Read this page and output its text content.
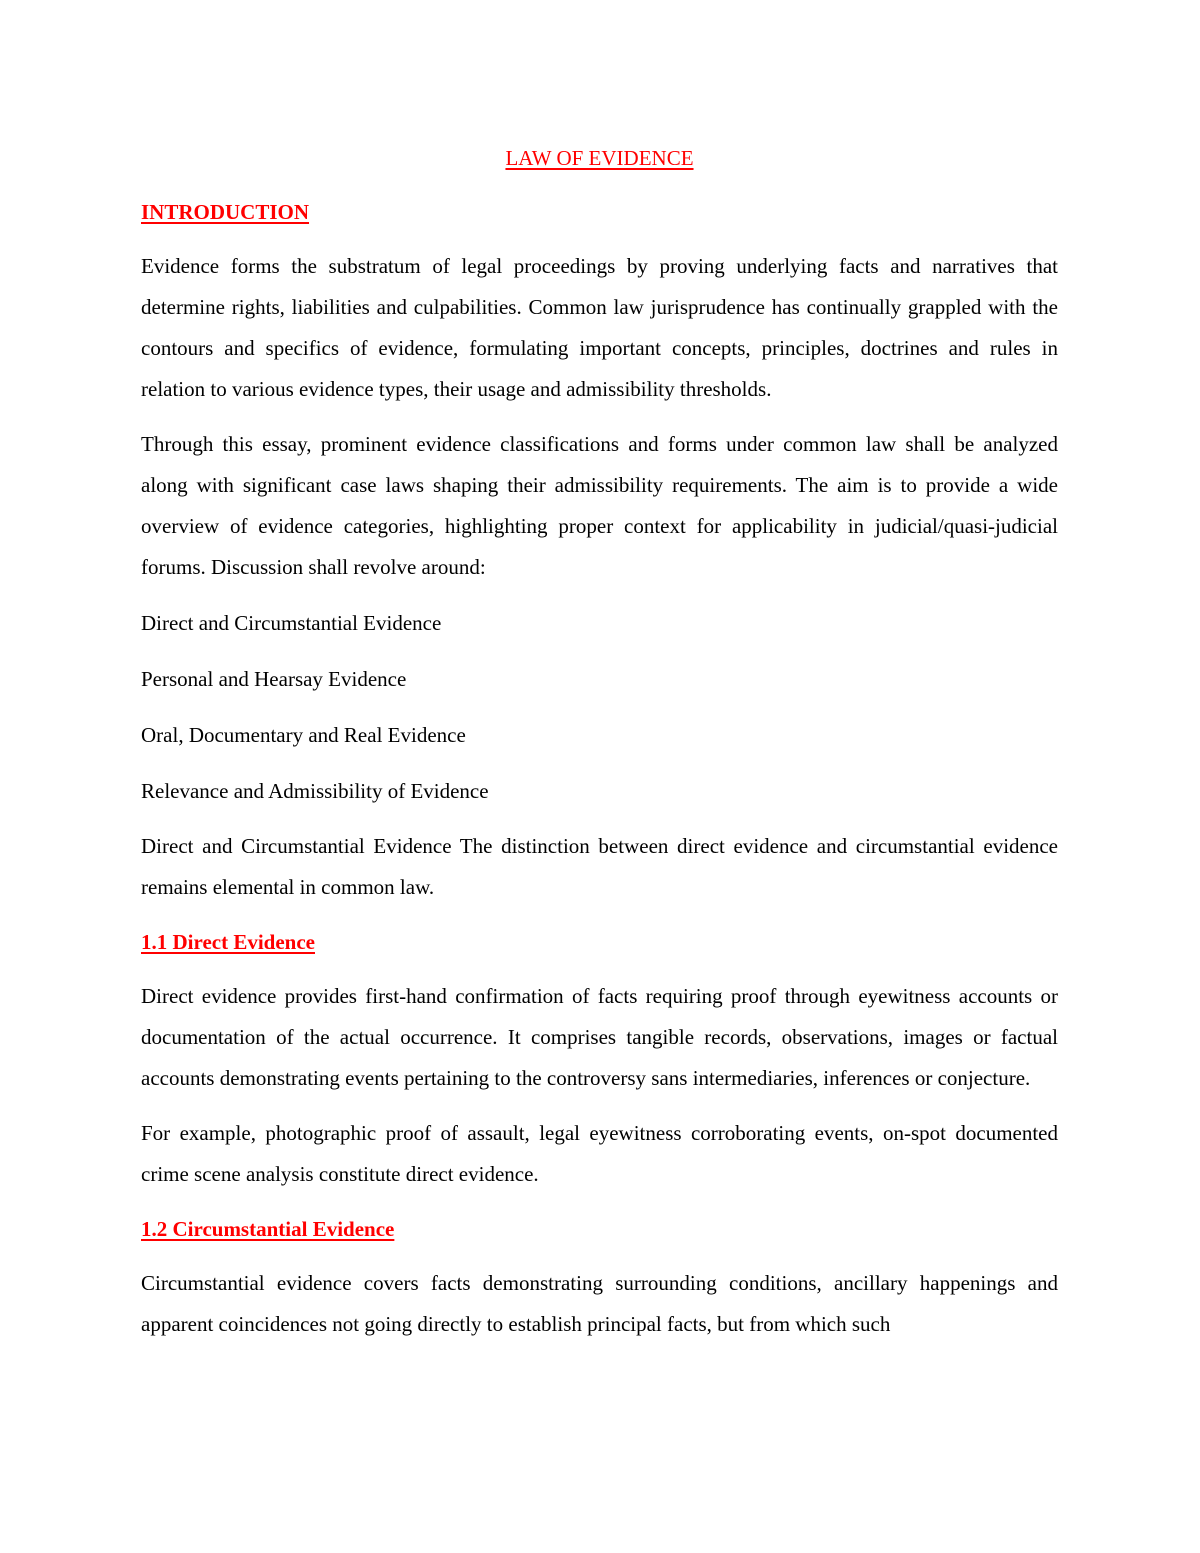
LAW OF EVIDENCE
INTRODUCTION

Evidence forms the substratum of legal proceedings by proving underlying facts and narratives that determine rights, liabilities and culpabilities. Common law jurisprudence has continually grappled with the contours and specifics of evidence, formulating important concepts, principles, doctrines and rules in relation to various evidence types, their usage and admissibility thresholds.

Through this essay, prominent evidence classifications and forms under common law shall be analyzed along with significant case laws shaping their admissibility requirements. The aim is to provide a wide overview of evidence categories, highlighting proper context for applicability in judicial/quasi-judicial forums. Discussion shall revolve around:

Direct and Circumstantial Evidence
Personal and Hearsay Evidence
Oral, Documentary and Real Evidence
Relevance and Admissibility of Evidence

Direct and Circumstantial Evidence The distinction between direct evidence and circumstantial evidence remains elemental in common law.

1.1 Direct Evidence

Direct evidence provides first-hand confirmation of facts requiring proof through eyewitness accounts or documentation of the actual occurrence. It comprises tangible records, observations, images or factual accounts demonstrating events pertaining to the controversy sans intermediaries, inferences or conjecture.

For example, photographic proof of assault, legal eyewitness corroborating events, on-spot documented crime scene analysis constitute direct evidence.

1.2 Circumstantial Evidence

Circumstantial evidence covers facts demonstrating surrounding conditions, ancillary happenings and apparent coincidences not going directly to establish principal facts, but from which such
